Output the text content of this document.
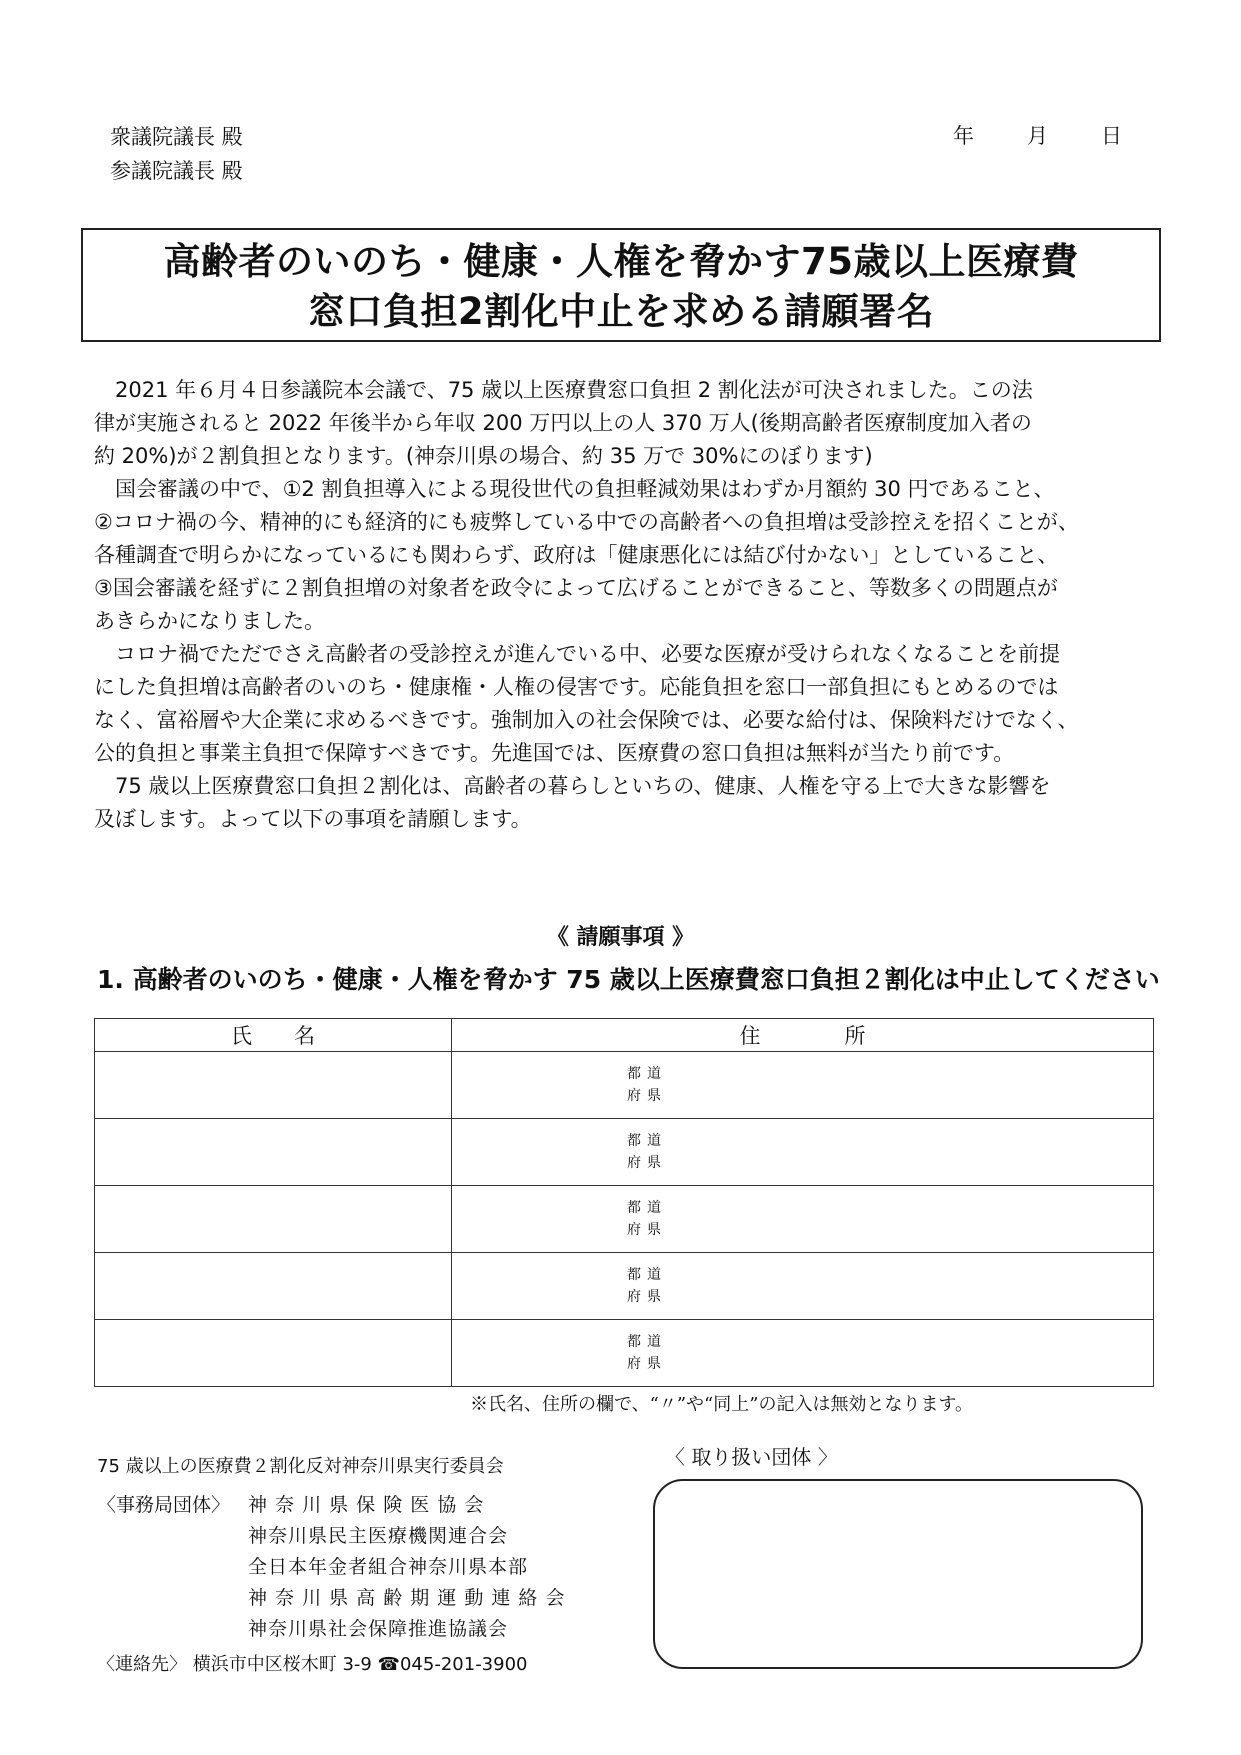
衆議院議長 殿
参議院議長 殿
年	月	日
高齢者のいのち・健康・人権を脅かす75歳以上医療費
窓口負担2割化中止を求める請願署名
2021 年６月４日参議院本会議で、75 歳以上医療費窓口負担 2 割化法が可決されました。この法
律が実施されると 2022 年後半から年収 200 万円以上の人 370 万人(後期高齢者医療制度加入者の
約 20%)が２割負担となります。(神奈川県の場合、約 35 万で 30%にのぼります)
国会審議の中で、①2 割負担導入による現役世代の負担軽減効果はわずか月額約 30 円であること、
②コロナ禍の今、精神的にも経済的にも疲弊している中での高齢者への負担増は受診控えを招くことが、
各種調査で明らかになっているにも関わらず、政府は「健康悪化には結び付かない」としていること、
③国会審議を経ずに２割負担増の対象者を政令によって広げることができること、等数多くの問題点が
あきらかになりました。
コロナ禍でただでさえ高齢者の受診控えが進んでいる中、必要な医療が受けられなくなることを前提
にした負担増は高齢者のいのち・健康権・人権の侵害です。応能負担を窓口一部負担にもとめるのでは
なく、富裕層や大企業に求めるべきです。強制加入の社会保険では、必要な給付は、保険料だけでなく、
公的負担と事業主負担で保障すべきです。先進国では、医療費の窓口負担は無料が当たり前です。
75 歳以上医療費窓口負担２割化は、高齢者の暮らしといちの、健康、人権を守る上で大きな影響を
及ぼします。よって以下の事項を請願します。
《 請願事項 》
1. 高齢者のいのち・健康・人権を脅かす 75 歳以上医療費窓口負担２割化は中止してください
氏　　名	住　　　　所
	都道
府県
	都道
府県
	都道
府県
	都道
府県
	都道
府県
※氏名、住所の欄で、“〃”や“同上”の記入は無効となります。
75 歳以上の医療費２割化反対神奈川県実行委員会
〈事務局団体〉 神 奈 川 県 保 険 医 協 会
神奈川県民主医療機関連合会
全日本年金者組合神奈川県本部
神 奈 川 県 高 齢 期 運 動 連 絡 会
神奈川県社会保障推進協議会
〈連絡先〉 横浜市中区桜木町 3-9 ☎045-201-3900
〈 取り扱い団体 〉
